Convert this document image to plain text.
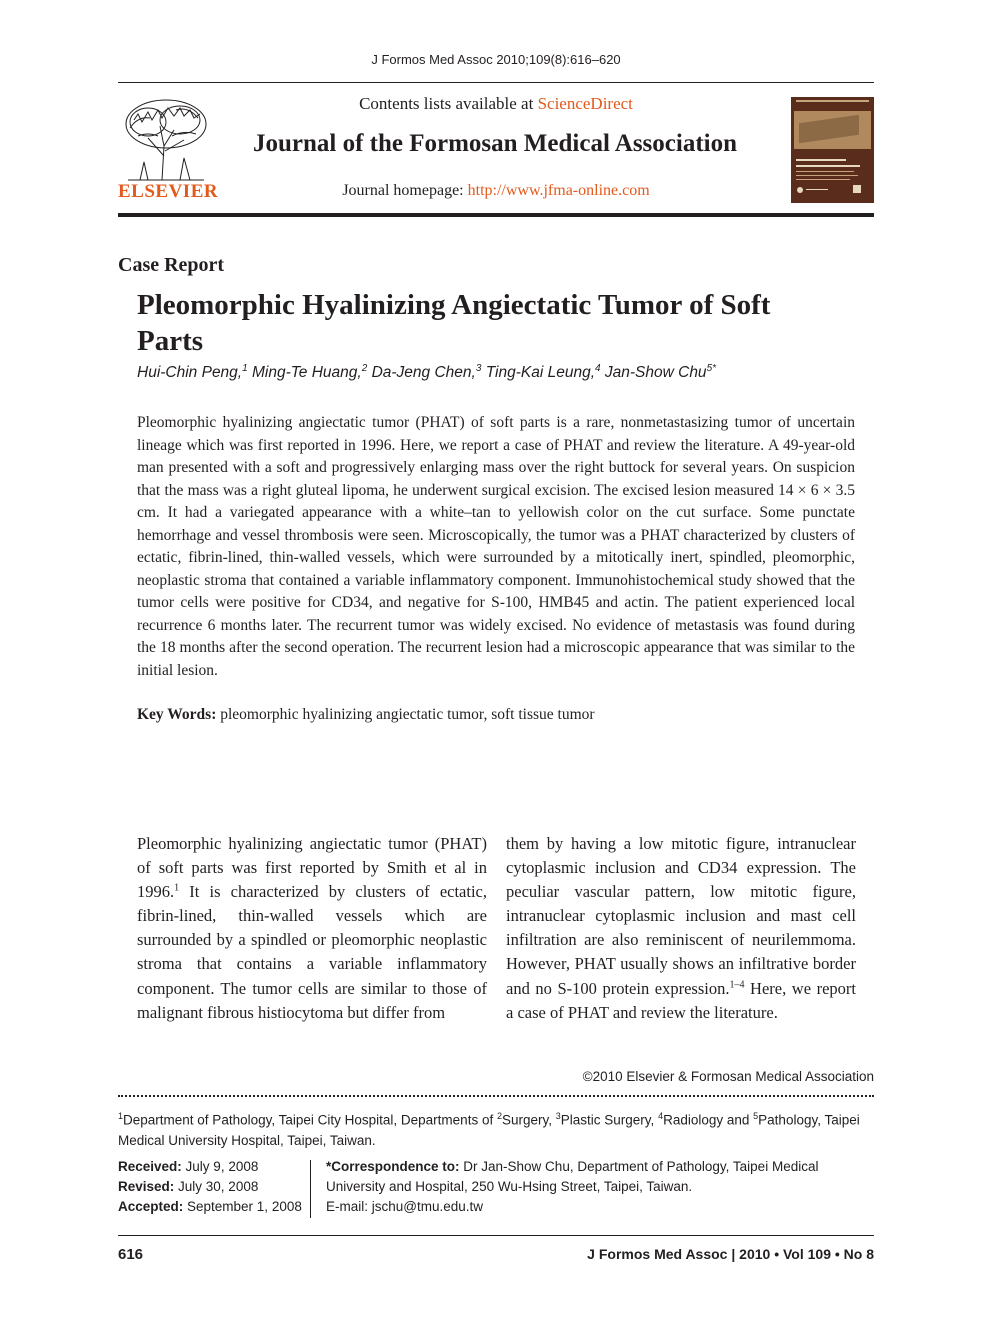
J Formos Med Assoc 2010;109(8):616–620
ELSEVIER
Contents lists available at ScienceDirect
Journal of the Formosan Medical Association
Journal homepage: http://www.jfma-online.com
Case Report
Pleomorphic Hyalinizing Angiectatic Tumor of Soft Parts
Hui-Chin Peng,$^1$ Ming-Te Huang,$^2$ Da-Jeng Chen,$^3$ Ting-Kai Leung,$^4$ Jan-Show Chu$^{5*}$
Pleomorphic hyalinizing angiectatic tumor (PHAT) of soft parts is a rare, nonmetastasizing tumor of uncertain lineage which was first reported in 1996. Here, we report a case of PHAT and review the literature. A 49-year-old man presented with a soft and progressively enlarging mass over the right buttock for several years. On suspicion that the mass was a right gluteal lipoma, he underwent surgical excision. The excised lesion measured 14 × 6 × 3.5 cm. It had a variegated appearance with a white–tan to yellowish color on the cut surface. Some punctate hemorrhage and vessel thrombosis were seen. Microscopically, the tumor was a PHAT characterized by clusters of ectatic, fibrin-lined, thin-walled vessels, which were surrounded by a mitotically inert, spindled, pleomorphic, neoplastic stroma that contained a variable inflammatory component. Immunohistochemical study showed that the tumor cells were positive for CD34, and negative for S-100, HMB45 and actin. The patient experienced local recurrence 6 months later. The recurrent tumor was widely excised. No evidence of metastasis was found during the 18 months after the second operation. The recurrent lesion had a microscopic appearance that was similar to the initial lesion.
Key Words: pleomorphic hyalinizing angiectatic tumor, soft tissue tumor
Pleomorphic hyalinizing angiectatic tumor (PHAT) of soft parts was first reported by Smith et al in 1996.$^1$ It is characterized by clusters of ectatic, fibrin-lined, thin-walled vessels which are surrounded by a spindled or pleomorphic neoplastic stroma that contains a variable inflammatory component. The tumor cells are similar to those of malignant fibrous histiocytoma but differ from
them by having a low mitotic figure, intranuclear cytoplasmic inclusion and CD34 expression. The peculiar vascular pattern, low mitotic figure, intranuclear cytoplasmic inclusion and mast cell infiltration are also reminiscent of neurilemmoma. However, PHAT usually shows an infiltrative border and no S-100 protein expression.$^{1-4}$ Here, we report a case of PHAT and review the literature.
©2010 Elsevier & Formosan Medical Association
$^1$Department of Pathology, Taipei City Hospital, Departments of $^2$Surgery, $^3$Plastic Surgery, $^4$Radiology and $^5$Pathology, Taipei Medical University Hospital, Taipei, Taiwan.
Received: July 9, 2008
Revised: July 30, 2008
Accepted: September 1, 2008
*Correspondence to: Dr Jan-Show Chu, Department of Pathology, Taipei Medical University and Hospital, 250 Wu-Hsing Street, Taipei, Taiwan.
E-mail: jschu@tmu.edu.tw
616	J Formos Med Assoc | 2010 • Vol 109 • No 8
